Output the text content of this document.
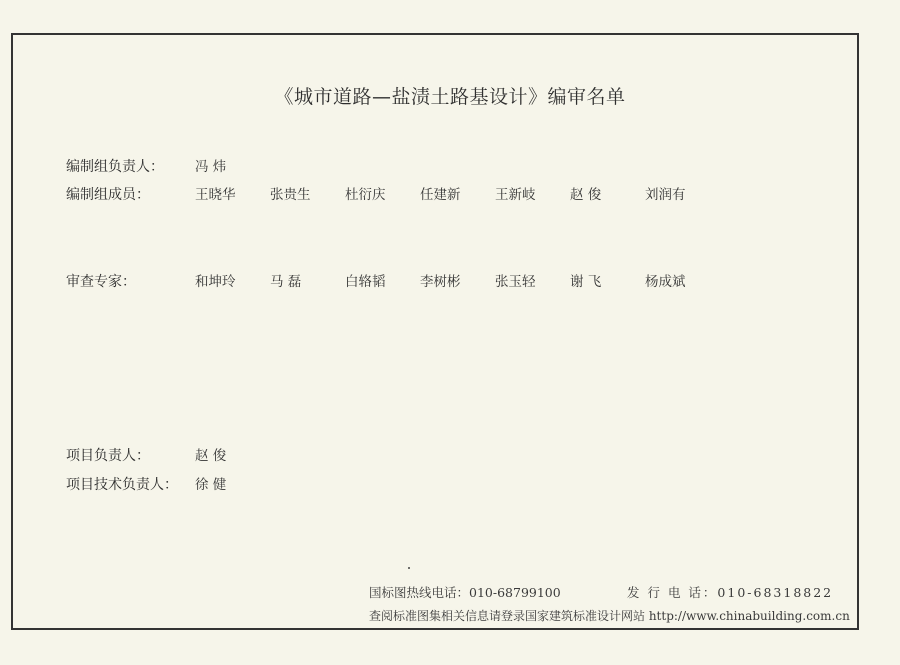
《城市道路—盐渍土路基设计》编审名单
编制组负责人： 冯 炜
编制组成员：	王晓华	张贵生	杜衍庆	任建新	王新岐	赵 俊	刘润有
审查专家：	和坤玲	马 磊	白辂韬	李树彬	张玉轻	谢 飞	杨成斌
项目负责人：	赵 俊
项目技术负责人： 徐 健
国标图热线电话：010-68799100	发 行 电 话：010-68318822
查阅标准图集相关信息请登录国家建筑标准设计网站 http://www.chinabuilding.com.cn
